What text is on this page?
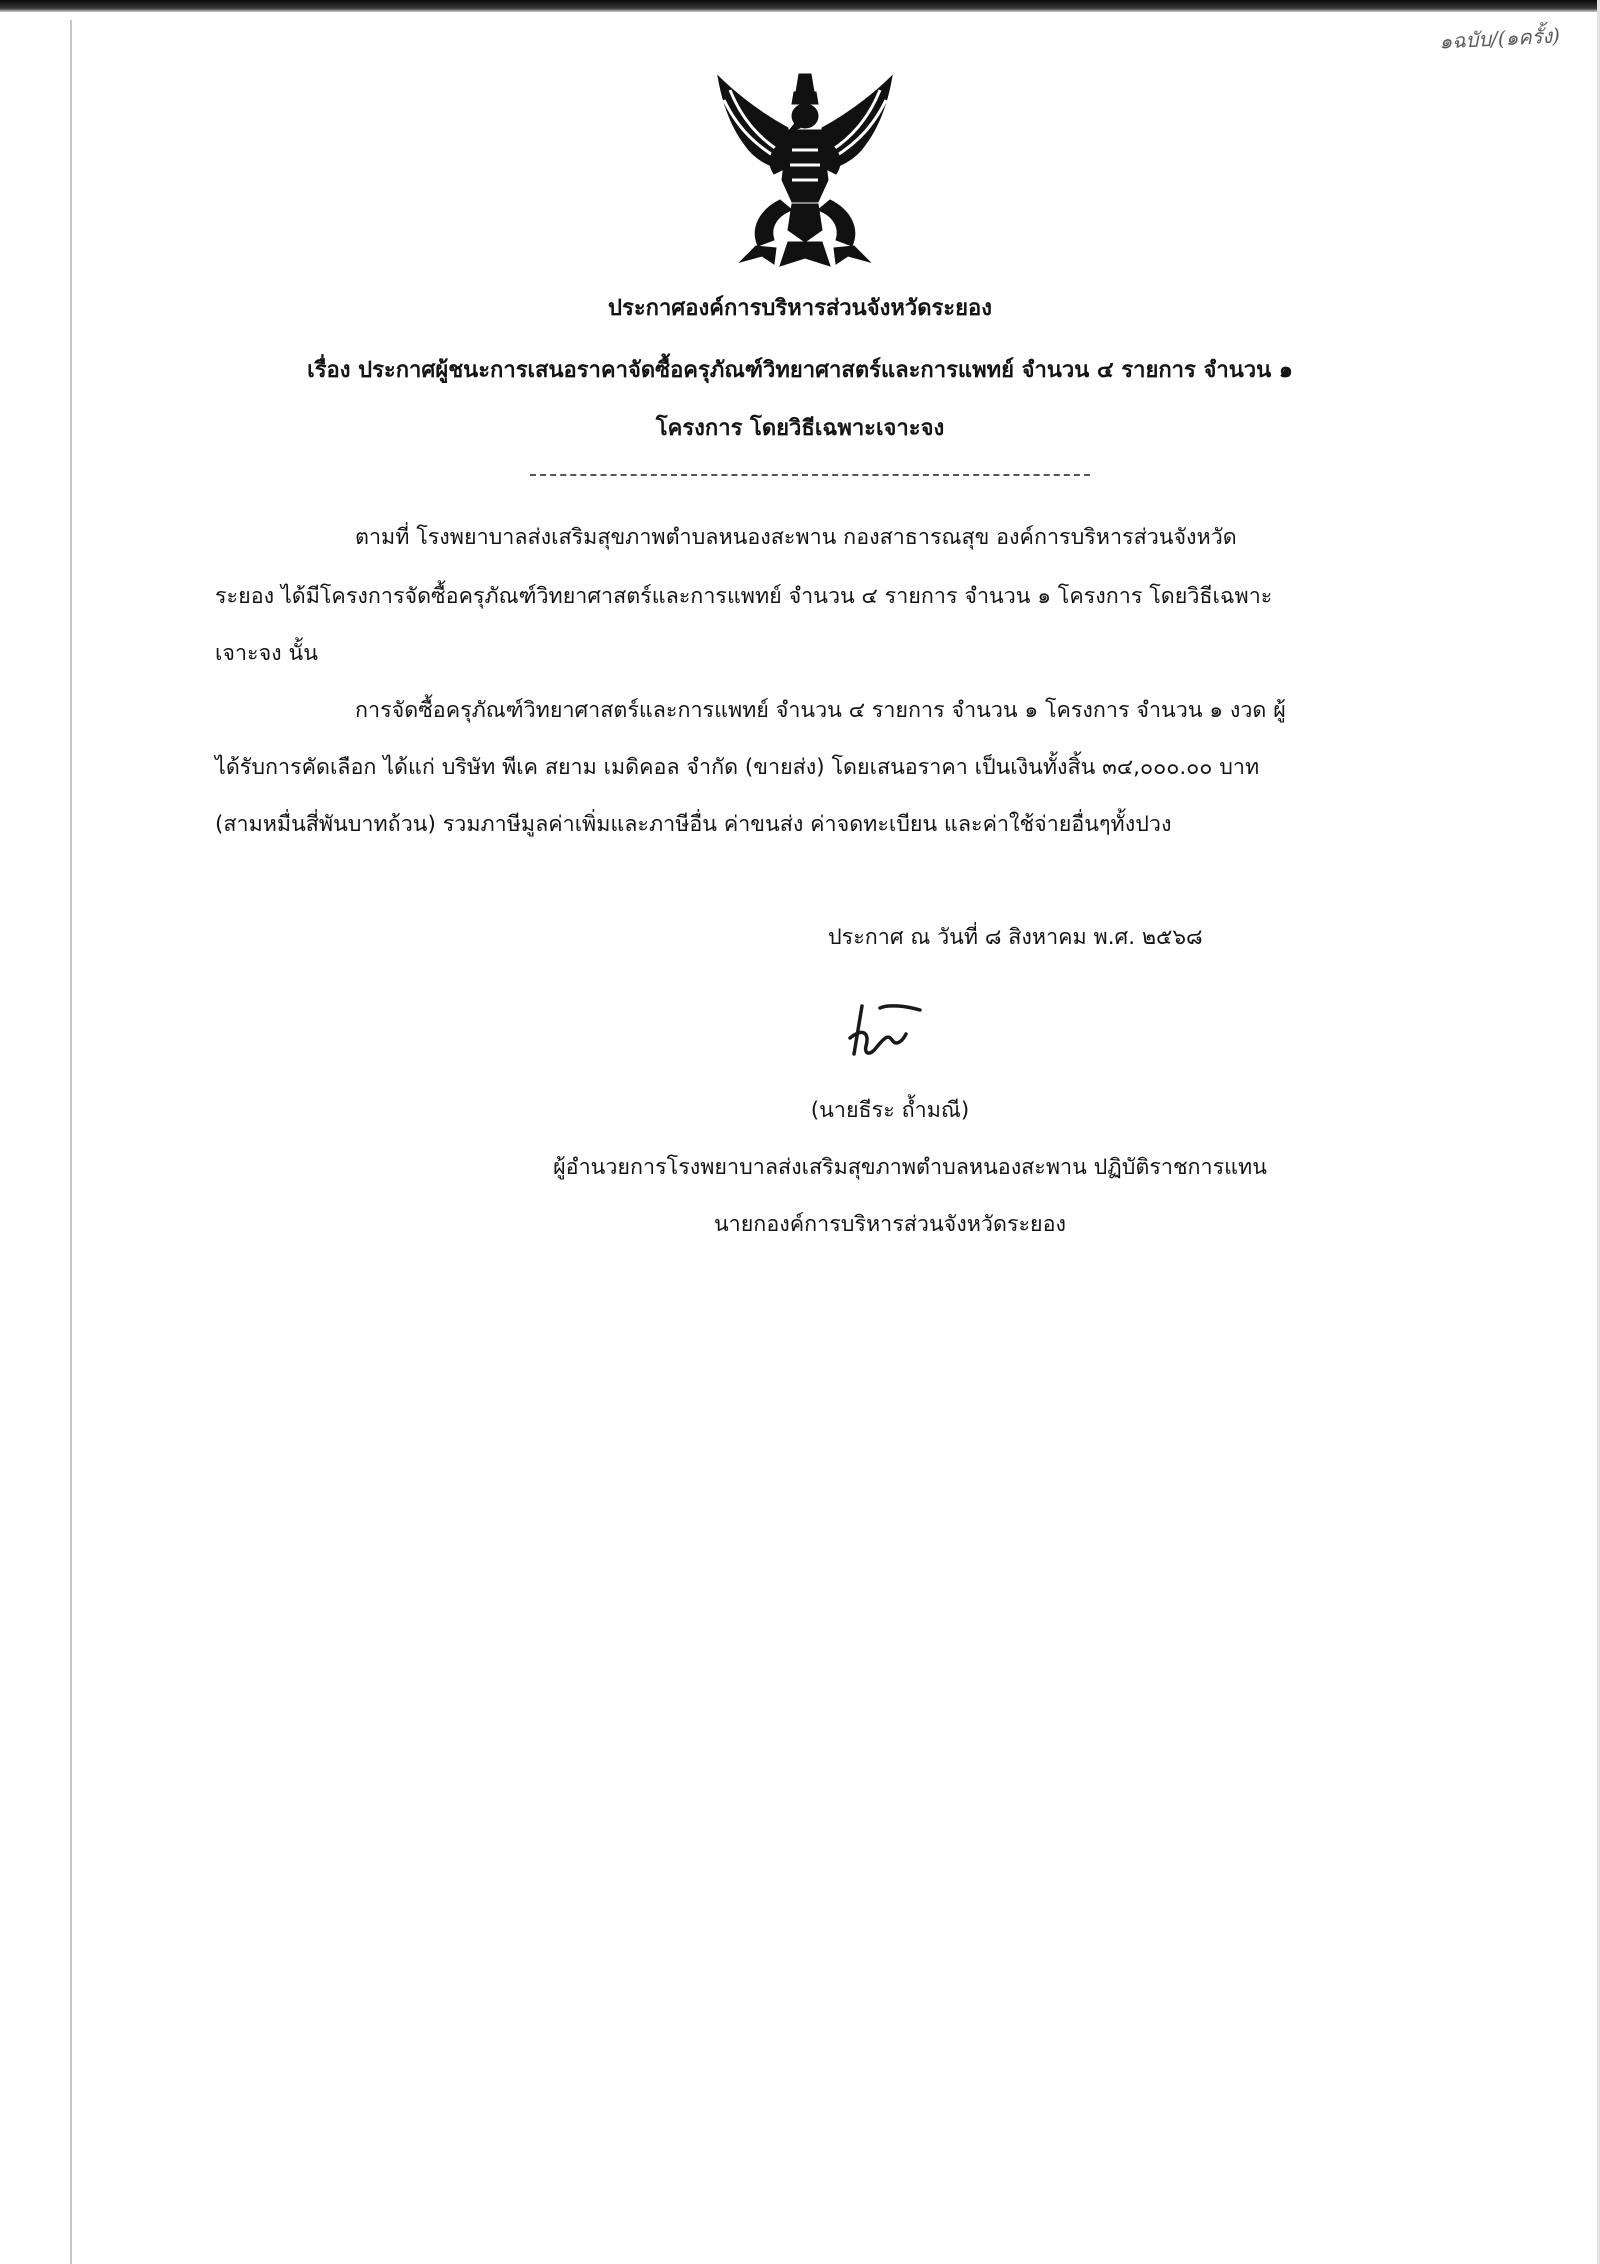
๑ฉบับ/(๑ครั้ง)
ประกาศองค์การบริหารส่วนจังหวัดระยอง
เรื่อง ประกาศผู้ชนะการเสนอราคาจัดซื้อครุภัณฑ์วิทยาศาสตร์และการแพทย์ จำนวน ๔ รายการ จำนวน ๑
โครงการ โดยวิธีเฉพาะเจาะจง
ตามที่ โรงพยาบาลส่งเสริมสุขภาพตำบลหนองสะพาน กองสาธารณสุข องค์การบริหารส่วนจังหวัด
ระยอง ได้มีโครงการจัดซื้อครุภัณฑ์วิทยาศาสตร์และการแพทย์ จำนวน ๔ รายการ จำนวน ๑ โครงการ โดยวิธีเฉพาะ
เจาะจง นั้น
การจัดซื้อครุภัณฑ์วิทยาศาสตร์และการแพทย์ จำนวน ๔ รายการ จำนวน ๑ โครงการ จำนวน ๑ งวด ผู้
ได้รับการคัดเลือก ได้แก่ บริษัท พีเค สยาม เมดิคอล จำกัด (ขายส่ง) โดยเสนอราคา เป็นเงินทั้งสิ้น ๓๔,๐๐๐.๐๐ บาท
(สามหมื่นสี่พันบาทถ้วน) รวมภาษีมูลค่าเพิ่มและภาษีอื่น ค่าขนส่ง ค่าจดทะเบียน และค่าใช้จ่ายอื่นๆทั้งปวง
ประกาศ ณ วันที่ ๘ สิงหาคม พ.ศ. ๒๕๖๘
(นายธีระ ถ้ำมณี)
ผู้อำนวยการโรงพยาบาลส่งเสริมสุขภาพตำบลหนองสะพาน ปฏิบัติราชการแทน
นายกองค์การบริหารส่วนจังหวัดระยอง
